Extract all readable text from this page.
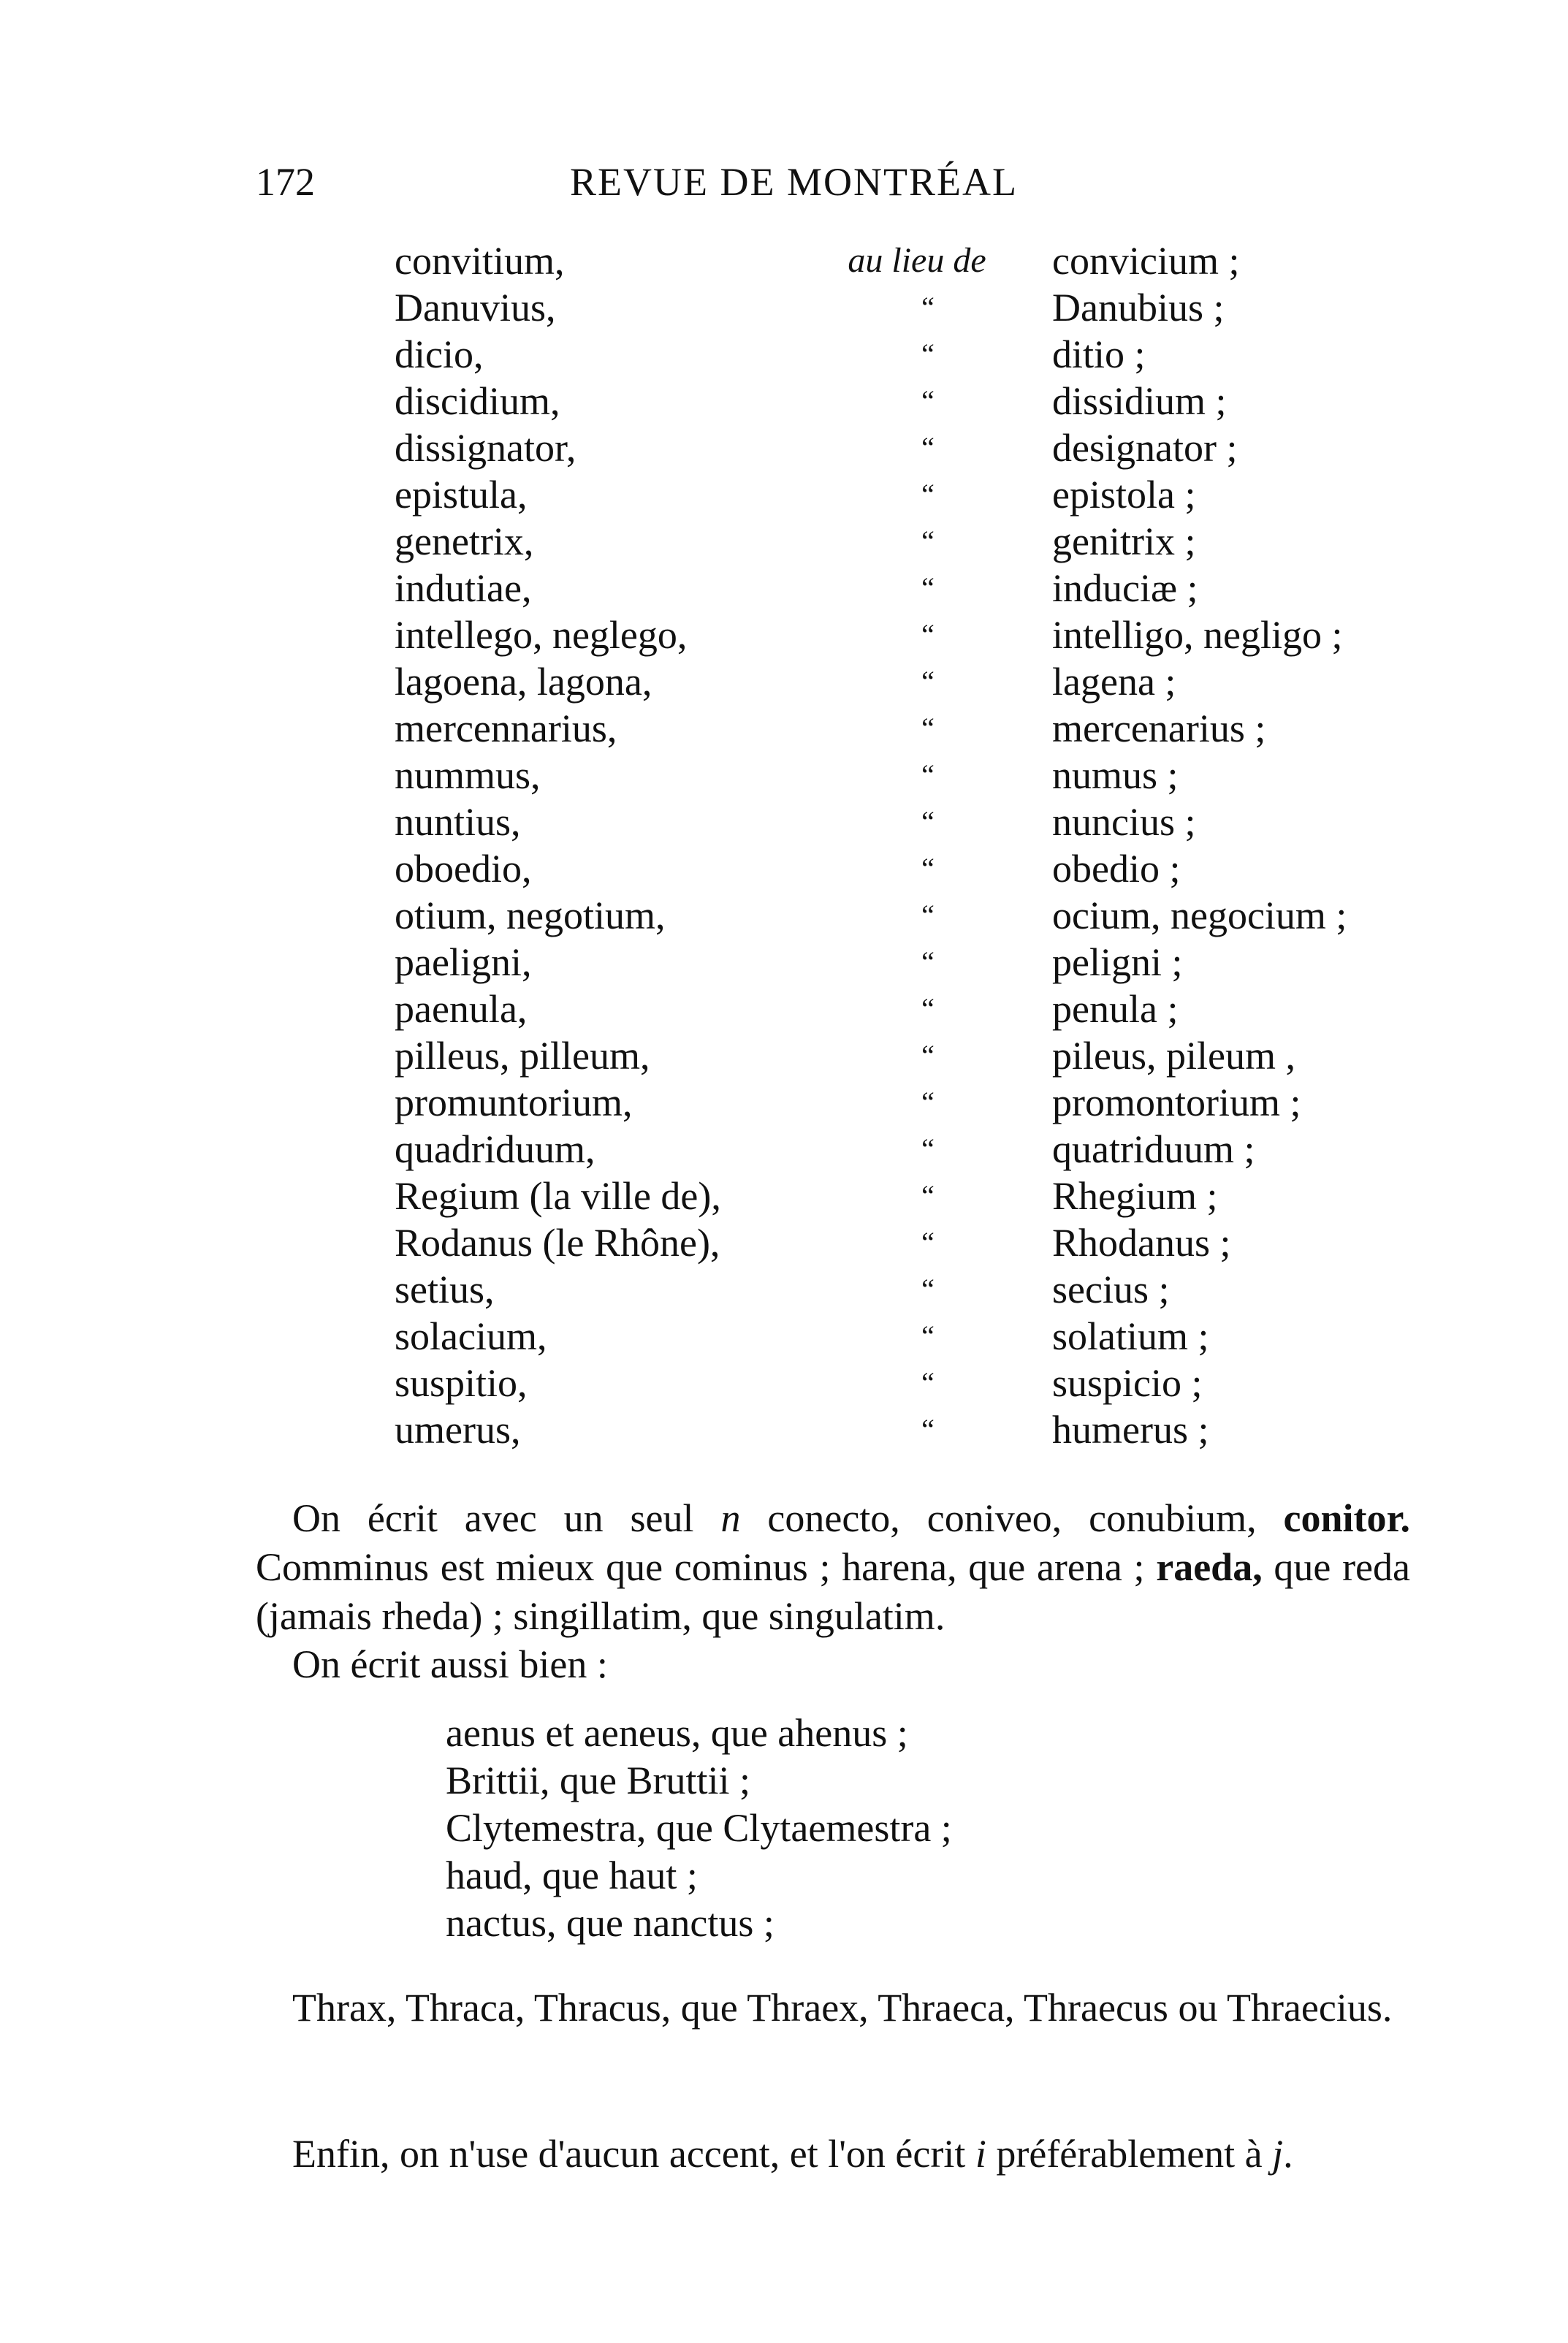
172	REVUE DE MONTRÉAL
convitium,	au lieu de	convicium ;
Danuvius,	“	Danubius ;
dicio,	“	ditio ;
discidium,	“	dissidium ;
dissignator,	“	designator ;
epistula,	“	epistola ;
genetrix,	“	genitrix ;
indutiae,	“	induciæ ;
intellego, neglego,	“	intelligo, negligo ;
lagoena, lagona,	“	lagena ;
mercennarius,	“	mercenarius ;
nummus,	“	numus ;
nuntius,	“	nuncius ;
oboedio,	“	obedio ;
otium, negotium,	“	ocium, negocium ;
paeligni,	“	peligni ;
paenula,	“	penula ;
pilleus, pilleum,	“	pileus, pileum ,
promuntorium,	“	promontorium ;
quadriduum,	“	quatriduum ;
Regium (la ville de),	“	Rhegium ;
Rodanus (le Rhône),	“	Rhodanus ;
setius,	“	secius ;
solacium,	“	solatium ;
suspitio,	“	suspicio ;
umerus,	“	humerus ;
On écrit avec un seul n conecto, coniveo, conubium, conitor. Comminus est mieux que cominus ; harena, que arena ; raeda, que reda (jamais rheda) ; singillatim, que singulatim.
On écrit aussi bien :
aenus et aeneus, que ahenus ;
Brittii, que Bruttii ;
Clytemestra, que Clytaemestra ;
haud, que haut ;
nactus, que nanctus ;
Thrax, Thraca, Thracus, que Thraex, Thraeca, Thraecus ou Thraecius.
Enfin, on n'use d'aucun accent, et l'on écrit i préférablement à j.
